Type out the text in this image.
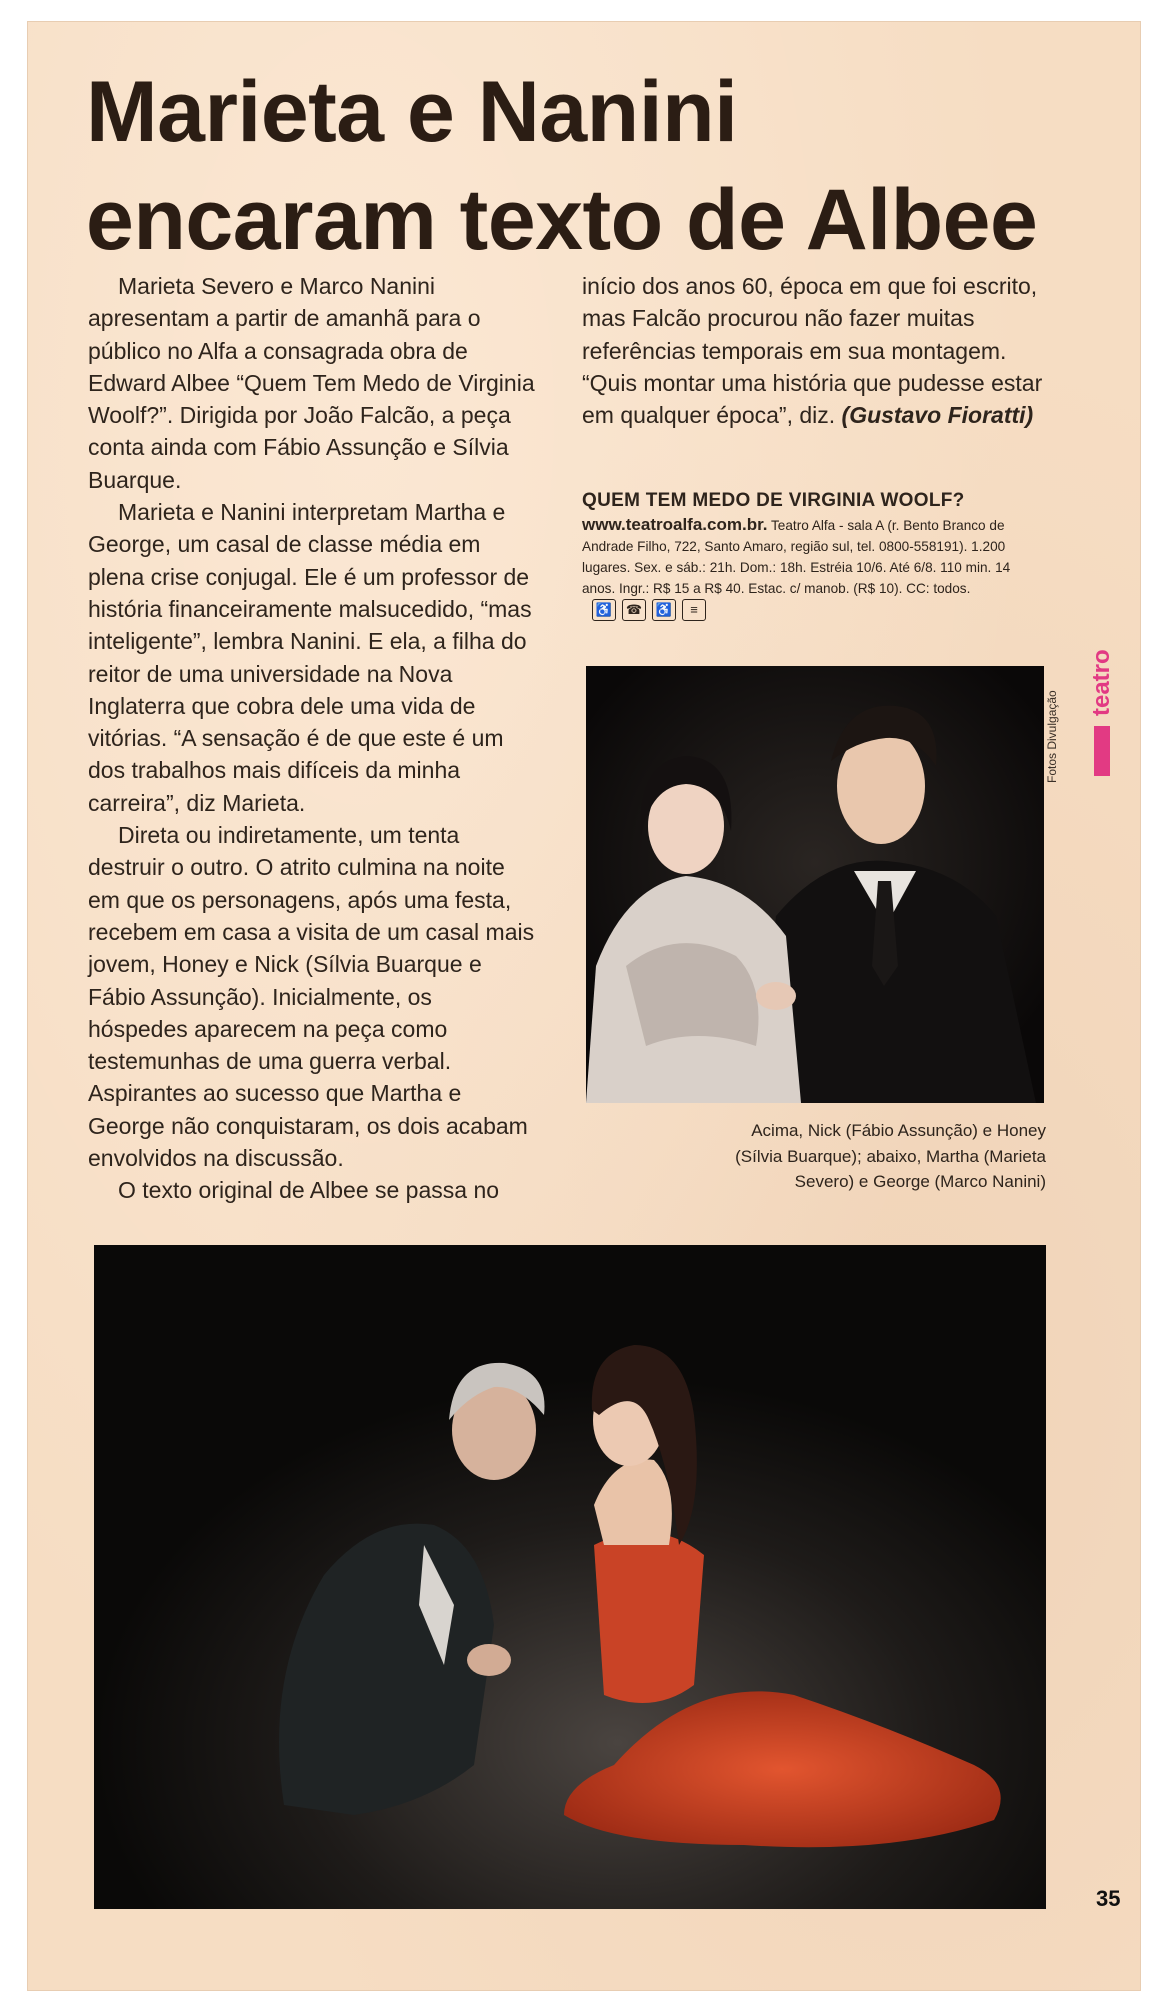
Marieta e Nanini
encaram texto de Albee

Marieta Severo e Marco Nanini apresentam a partir de amanhã para o público no Alfa a consagrada obra de Edward Albee “Quem Tem Medo de Virginia Woolf?”. Dirigida por João Falcão, a peça conta ainda com Fábio Assunção e Sílvia Buarque.

Marieta e Nanini interpretam Martha e George, um casal de classe média em plena crise conjugal. Ele é um professor de história financeiramente malsucedido, “mas inteligente”, lembra Nanini. E ela, a filha do reitor de uma universidade na Nova Inglaterra que cobra dele uma vida de vitórias. “A sensação é de que este é um dos trabalhos mais difíceis da minha carreira”, diz Marieta.

Direta ou indiretamente, um tenta destruir o outro. O atrito culmina na noite em que os personagens, após uma festa, recebem em casa a visita de um casal mais jovem, Honey e Nick (Sílvia Buarque e Fábio Assunção). Inicialmente, os hóspedes aparecem na peça como testemunhas de uma guerra verbal. Aspirantes ao sucesso que Martha e George não conquistaram, os dois acabam envolvidos na discussão.

O texto original de Albee se passa no

início dos anos 60, época em que foi escrito, mas Falcão procurou não fazer muitas referências temporais em sua montagem. “Quis montar uma história que pudesse estar em qualquer época”, diz. (Gustavo Fioratti)

QUEM TEM MEDO DE VIRGINIA WOOLF?
www.teatroalfa.com.br. Teatro Alfa - sala A (r. Bento Branco de Andrade Filho, 722, Santo Amaro, região sul, tel. 0800-558191). 1.200 lugares. Sex. e sáb.: 21h. Dom.: 18h. Estréia 10/6. Até 6/8. 110 min. 14 anos. Ingr.: R$ 15 a R$ 40. Estac. c/ manob. (R$ 10). CC: todos.
♿	☎	♿	≡
Fotos Divulgação
teatro
Acima, Nick (Fábio Assunção) e Honey (Sílvia Buarque); abaixo, Martha (Marieta Severo) e George (Marco Nanini)
35
